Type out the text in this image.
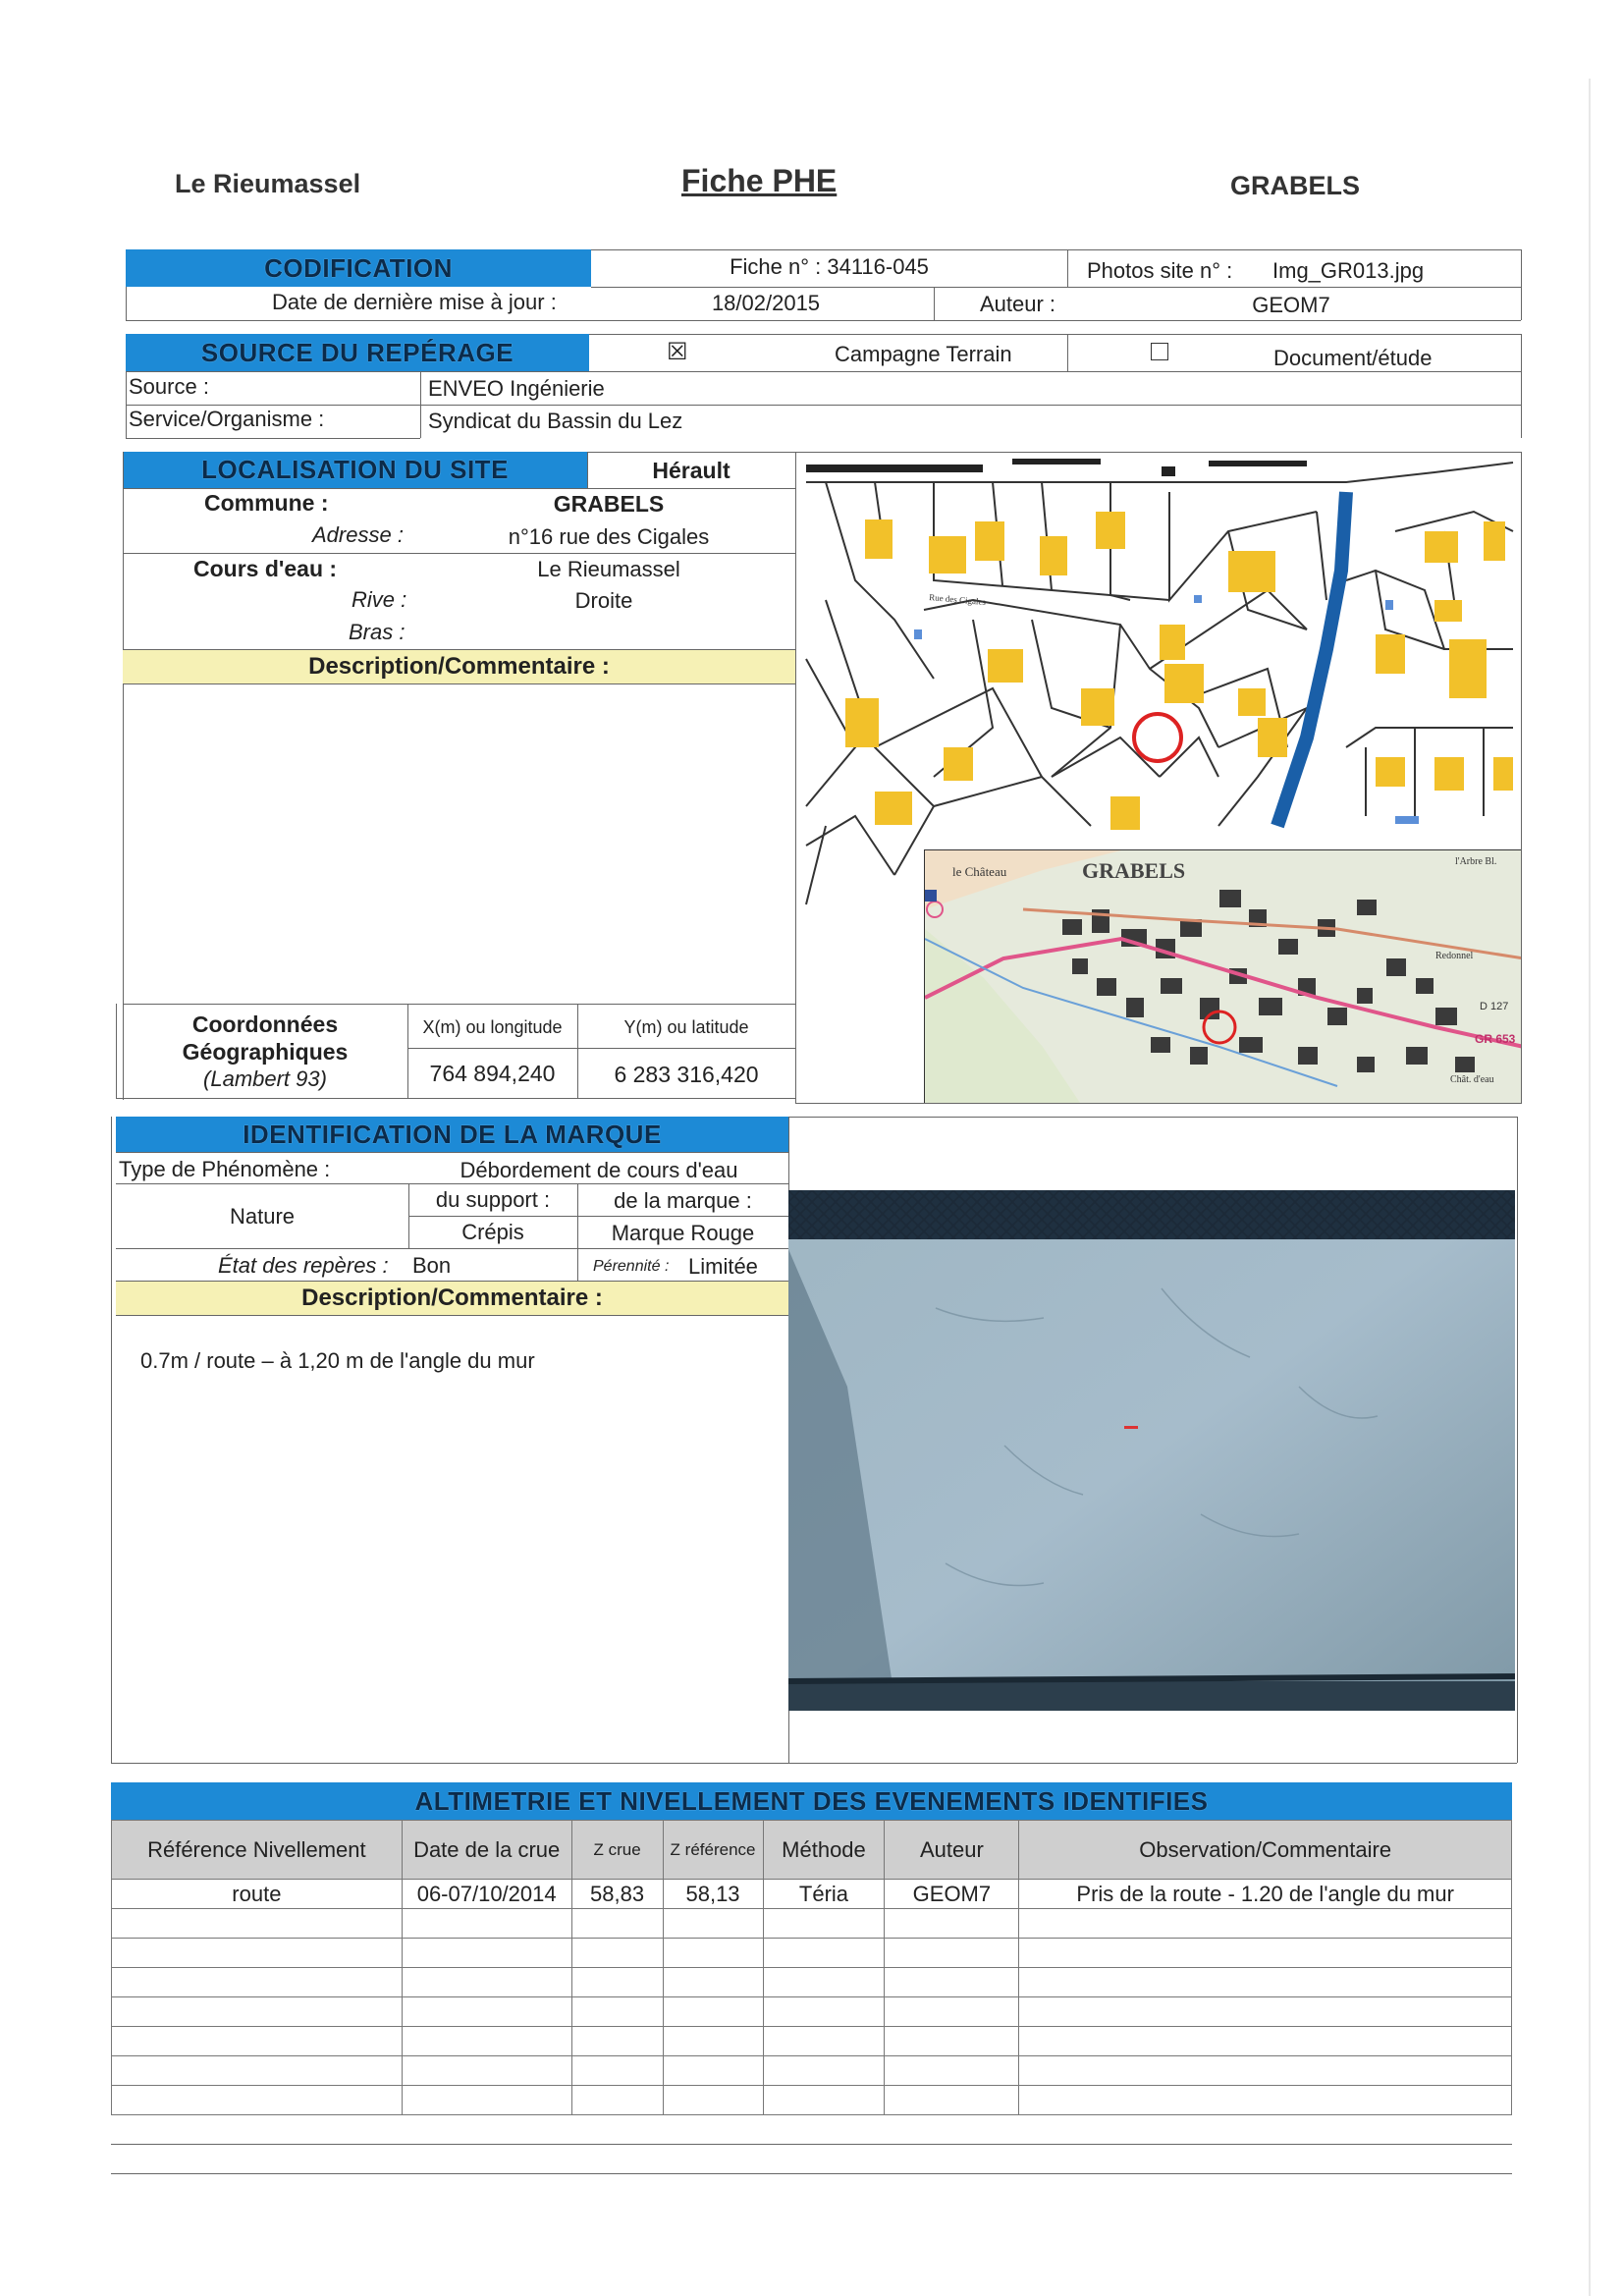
Le Rieumassel	Fiche PHE	GRABELS
CODIFICATION	Fiche n° : 34116-045	Photos site n° : Img_GR013.jpg
Date de dernière mise à jour :	18/02/2015	Auteur :	GEOM7
SOURCE DU REPÉRAGE	☒	Campagne Terrain	Document/étude
Source :	ENVEO Ingénierie
Service/Organisme :	Syndicat du Bassin du Lez
LOCALISATION DU SITE	Hérault
Commune :	GRABELS
Adresse :	n°16 rue des Cigales
Cours d'eau :	Le Rieumassel
Rive :	Droite
Bras :
Description/Commentaire :
Coordonnées
Géographiques
(Lambert 93)
X(m) ou longitude	Y(m) ou latitude
764 894,240	6 283 316,420
Rue des Cigales
le Château	GRABELS	l'Arbre Bl.
Redonnel
D 127
GR 653
Chât. d'eau
IDENTIFICATION DE LA MARQUE
Type de Phénomène :	Débordement de cours d'eau
Nature
du support :	de la marque :
Crépis	Marque Rouge
État des repères : Bon	Pérennité : Limitée
Description/Commentaire :
0.7m / route – à 1,20 m de l'angle du mur
ALTIMETRIE ET NIVELLEMENT DES EVENEMENTS IDENTIFIES
Référence Nivellement	Date de la crue	Z crue	Z référence	Méthode	Auteur	Observation/Commentaire
route	06-07/10/2014	58,83	58,13	Téria	GEOM7	Pris de la route - 1.20 de l'angle du mur
